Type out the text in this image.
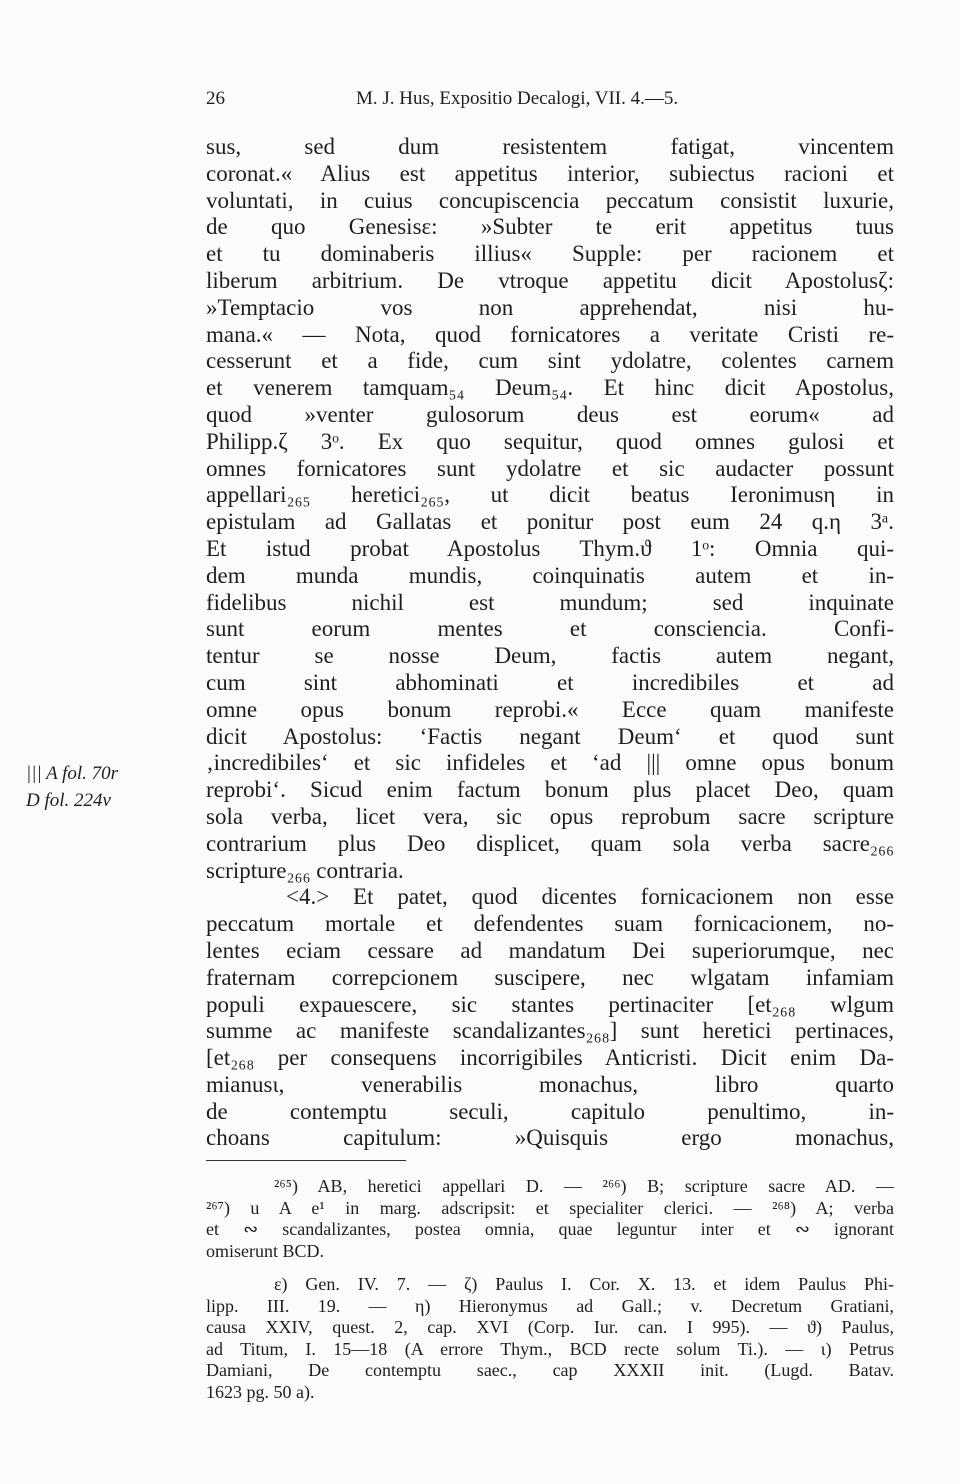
26	M. J. Hus, Expositio Decalogi, VII. 4.—5.
sus, sed dum resistentem fatigat, vincentem
coronat.« Alius est appetitus interior, subiectus racioni et
voluntati, in cuius concupiscencia peccatum consistit luxurie,
de quo Genesisε: »Subter te erit appetitus tuus
et tu dominaberis illius« Supple: per racionem et
liberum arbitrium. De vtroque appetitu dicit Apostolusζ:
»Temptacio vos non apprehendat, nisi hu-
mana.« — Nota, quod fornicatores a veritate Cristi re-
cesserunt et a fide, cum sint ydolatre, colentes carnem
et venerem tamquam₅₄ Deum₅₄. Et hinc dicit Apostolus,
quod »venter gulosorum deus est eorum« ad
Philipp.ζ 3ᵒ. Ex quo sequitur, quod omnes gulosi et
omnes fornicatores sunt ydolatre et sic audacter possunt
appellari₂₆₅ heretici₂₆₅, ut dicit beatus Ieronimusη in
epistulam ad Gallatas et ponitur post eum 24 q.η 3ᵃ.
Et istud probat Apostolus Thym.ϑ 1ᵒ: Omnia qui-
dem munda mundis, coinquinatis autem et in-
fidelibus nichil est mundum; sed inquinate
sunt eorum mentes et consciencia. Confi-
tentur se nosse Deum, factis autem negant,
cum sint abhominati et incredibiles et ad
omne opus bonum reprobi.« Ecce quam manifeste
dicit Apostolus: ‘Factis negant Deum‘ et quod sunt
‚incredibiles‘ et sic infideles et ‘ad ||| omne opus bonum
reprobi‘. Sicud enim factum bonum plus placet Deo, quam
sola verba, licet vera, sic opus reprobum sacre scripture
contrarium plus Deo displicet, quam sola verba sacre₂₆₆
scripture₂₆₆ contraria.
<4.> Et patet, quod dicentes fornicacionem non esse
peccatum mortale et defendentes suam fornicacionem, no-
lentes eciam cessare ad mandatum Dei superiorumque, nec
fraternam correpcionem suscipere, nec wlgatam infamiam
populi expauescere, sic stantes pertinaciter [et₂₆₈ wlgum
summe ac manifeste scandalizantes₂₆₈] sunt heretici pertinaces,
[et₂₆₈ per consequens incorrigibiles Anticristi. Dicit enim Da-
mianusι, venerabilis monachus, libro quarto
de contemptu seculi, capitulo penultimo, in-
choans capitulum: »Quisquis ergo monachus,
||| A fol. 70r
D fol. 224v
²⁶⁵) AB, heretici appellari D. — ²⁶⁶) B; scripture sacre AD. —
²⁶⁷) u A e¹ in marg. adscripsit: et specialiter clerici. — ²⁶⁸) A; verba
et ∾ scandalizantes, postea omnia, quae leguntur inter et ∾ ignorant
omiserunt BCD.
ε) Gen. IV. 7. — ζ) Paulus I. Cor. X. 13. et idem Paulus Phi-
lipp. III. 19. — η) Hieronymus ad Gall.; v. Decretum Gratiani,
causa XXIV, quest. 2, cap. XVI (Corp. Iur. can. I 995). — ϑ) Paulus,
ad Titum, I. 15—18 (A errore Thym., BCD recte solum Ti.). — ι) Petrus
Damiani, De contemptu saec., cap XXXII init. (Lugd. Batav.
1623 pg. 50 a).
